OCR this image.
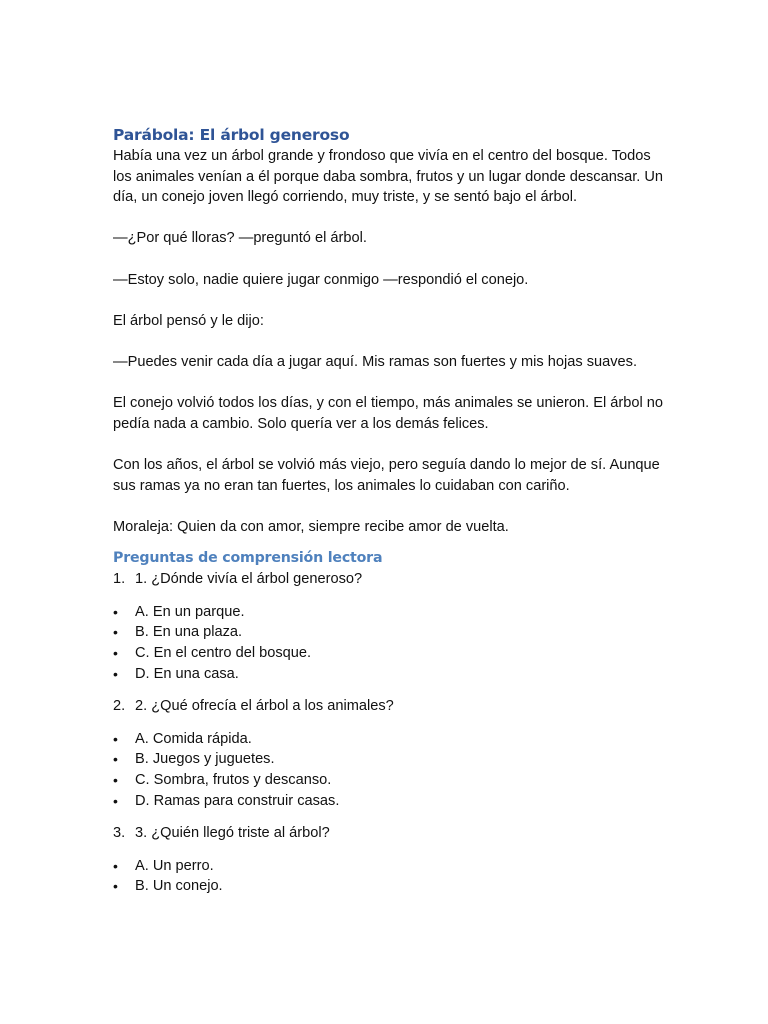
Parábola: El árbol generoso

Había una vez un árbol grande y frondoso que vivía en el centro del bosque. Todos los animales venían a él porque daba sombra, frutos y un lugar donde descansar. Un día, un conejo joven llegó corriendo, muy triste, y se sentó bajo el árbol.

—¿Por qué lloras? —preguntó el árbol.

—Estoy solo, nadie quiere jugar conmigo —respondió el conejo.

El árbol pensó y le dijo:

—Puedes venir cada día a jugar aquí. Mis ramas son fuertes y mis hojas suaves.

El conejo volvió todos los días, y con el tiempo, más animales se unieron. El árbol no pedía nada a cambio. Solo quería ver a los demás felices.

Con los años, el árbol se volvió más viejo, pero seguía dando lo mejor de sí. Aunque sus ramas ya no eran tan fuertes, los animales lo cuidaban con cariño.

Moraleja: Quien da con amor, siempre recibe amor de vuelta.

Preguntas de comprensión lectora
1. 1. ¿Dónde vivía el árbol generoso?
•	A. En un parque.
•	B. En una plaza.
•	C. En el centro del bosque.
•	D. En una casa.
2. 2. ¿Qué ofrecía el árbol a los animales?
•	A. Comida rápida.
•	B. Juegos y juguetes.
•	C. Sombra, frutos y descanso.
•	D. Ramas para construir casas.
3. 3. ¿Quién llegó triste al árbol?
•	A. Un perro.
•	B. Un conejo.
